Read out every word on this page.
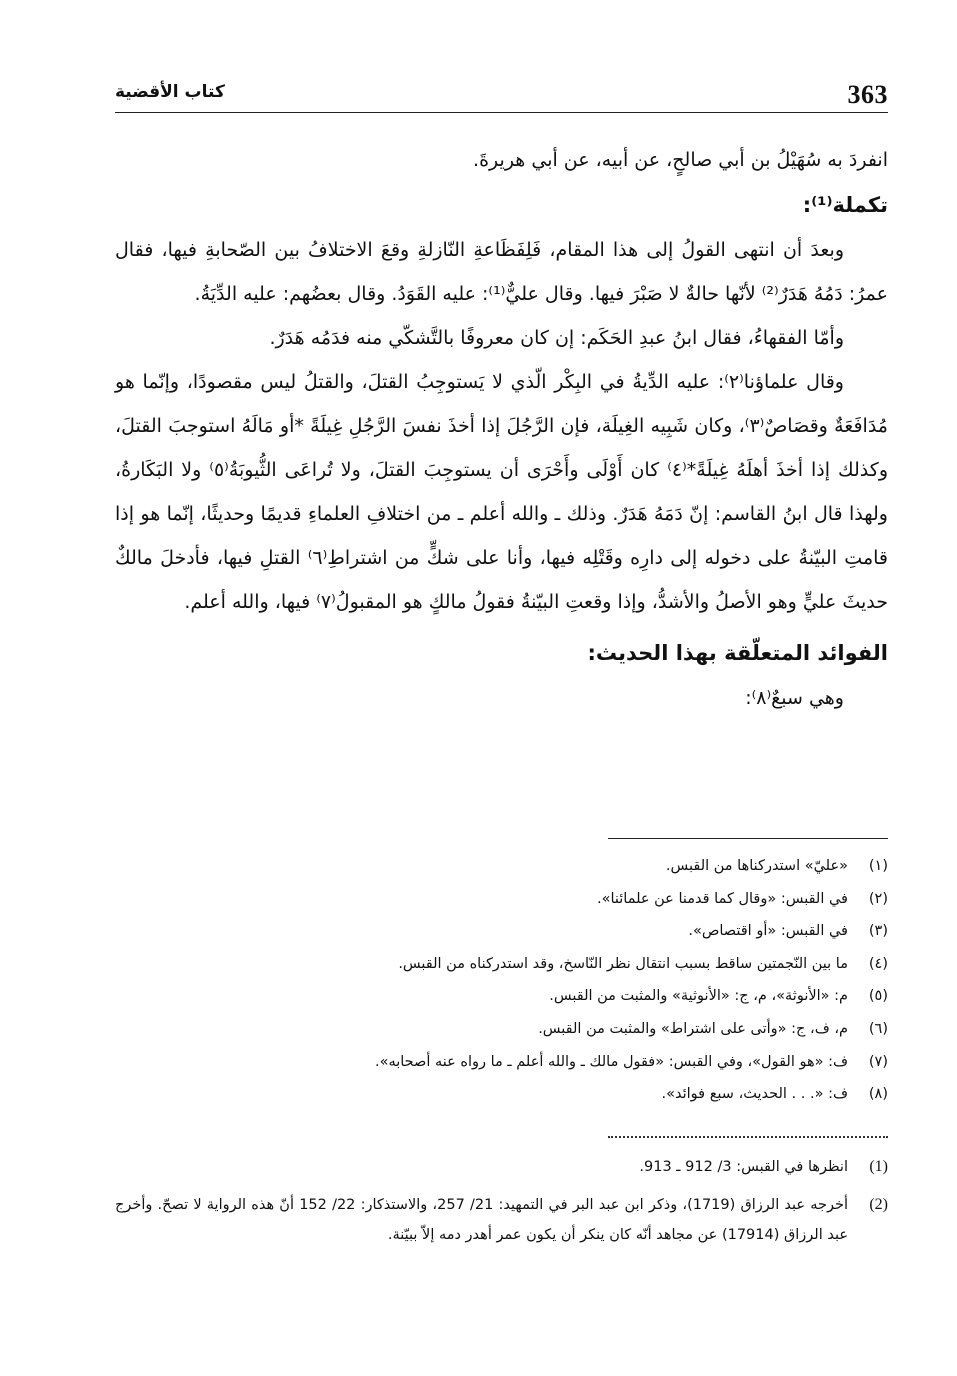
363
كتاب الأقضية

انفردَ به سُهَيْلُ بن أبي صالحٍ، عن أبيه، عن أبي هريرةَ.

تكملة⁽¹⁾:

وبعدَ أن انتهى القولُ إلى هذا المقام، فَلِفَظَاعةِ النّازلةِ وقعَ الاختلافُ بين الصّحابةِ فيها، فقال عمرُ: دَمُهُ هَدَرٌ⁽²⁾ لأنّها حالةٌ لا صَبْرَ فيها. وقال عليٌّ⁽¹⁾: عليه القَوَدُ. وقال بعضُهم: عليه الدِّيَةُ.

وأمّا الفقهاءُ، فقال ابنُ عبدِ الحَكَم: إن كان معروفًا بالتَّشكّي منه فدَمُه هَدَرٌ.

وقال علماؤنا⁽٢⁾: عليه الدِّيةُ في البِكْر الّذي لا يَستوجِبُ القتلَ، والقتلُ ليس مقصودًا، وإنّما هو مُدَافَعَةٌ وقصَاصٌ⁽٣⁾، وكان شَبِيه الغِيلَة، فإن الرَّجُلَ إذا أخذَ نفسَ الرَّجُلِ غِيلَةً *أو مَالَهُ استوجبَ القتلَ، وكذلك إذا أخذَ أهلَهُ غِيلَةً*⁽٤⁾ كان أَوْلَى وأَحْرَى أن يستوجِبَ القتلَ، ولا تُراعَى الثُّيوبَةُ⁽٥⁾ ولا البَكَارةُ، ولهذا قال ابنُ القاسم: إنّ دَمَهُ هَدَرٌ. وذلك ـ والله أعلم ـ من اختلافِ العلماءِ قديمًا وحديثًا، إنّما هو إذا قامتِ البيّنةُ على دخوله إلى دارِه وقَتْلِه فيها، وأنا على شكٍّ من اشتراطِ⁽٦⁾ القتلِ فيها، فأدخلَ مالكٌ حديثَ عليٍّ وهو الأصلُ والأشدُّ، وإذا وقعتِ البيّنةُ فقولُ مالكٍ هو المقبولُ⁽٧⁾ فيها، والله أعلم.

الفوائد المتعلّقة بهذا الحديث:

وهي سبعٌ⁽٨⁾:

(١)
«عليّ» استدركناها من القبس.
(٢)
في القبس: «وقال كما قدمنا عن علمائنا».
(٣)
في القبس: «أو اقتصاص».
(٤)
ما بين النّجمتين ساقط بسبب انتقال نظر النّاسخ، وقد استدركناه من القبس.
(٥)
م: «الأنوثة»، م، ج: «الأنوثية» والمثبت من القبس.
(٦)
م، ف، ج: «وأتى على اشتراط» والمثبت من القبس.
(٧)
ف: «هو القول»، وفي القبس: «فقول مالك ـ والله أعلم ـ ما رواه عنه أصحابه».
(٨)
ف: «. . . الحديث، سبع فوائد».
(1)
انظرها في القبس: 3/ 912 ـ 913.
(2)
أخرجه عبد الرزاق (1719)، وذكر ابن عبد البر في التمهيد: 21/ 257، والاستذكار: 22/ 152 أنّ هذه الرواية لا تصحّ. وأخرج عبد الرزاق (17914) عن مجاهد أنّه كان ينكر أن يكون عمر أهدر دمه إلاّ ببيّنة.
